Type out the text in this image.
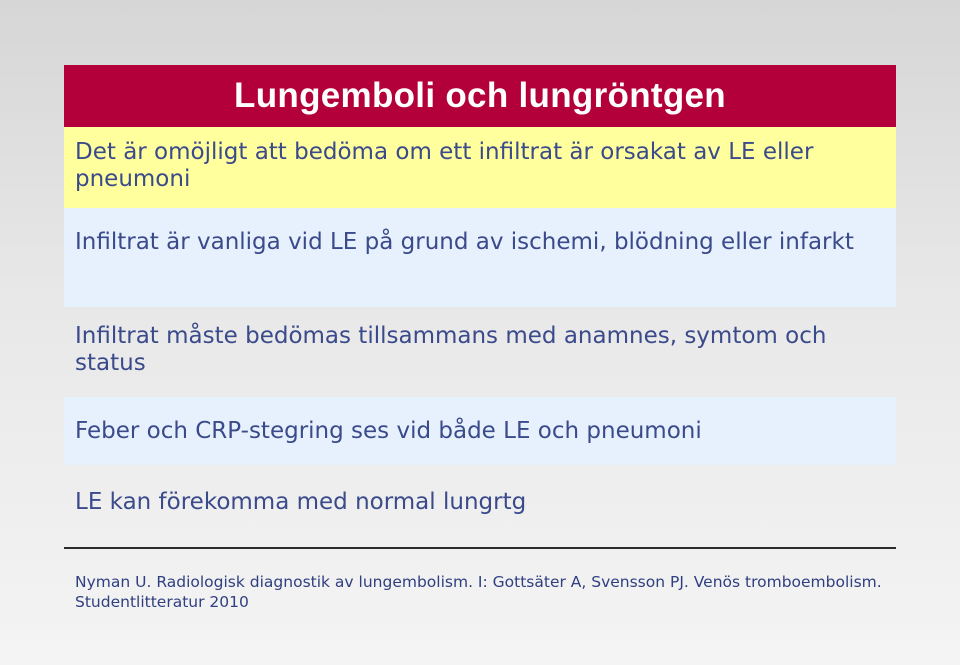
Lungemboli och lungröntgen
Det är omöjligt att bedöma om ett infiltrat är orsakat av LE eller pneumoni
Infiltrat är vanliga vid LE på grund av ischemi, blödning eller infarkt
Infiltrat måste bedömas tillsammans med anamnes, symtom och status
Feber och CRP-stegring ses vid både LE och pneumoni
LE kan förekomma med normal lungrtg
Nyman U. Radiologisk diagnostik av lungembolism. I: Gottsäter A, Svensson PJ. Venös tromboembolism. Studentlitteratur 2010
